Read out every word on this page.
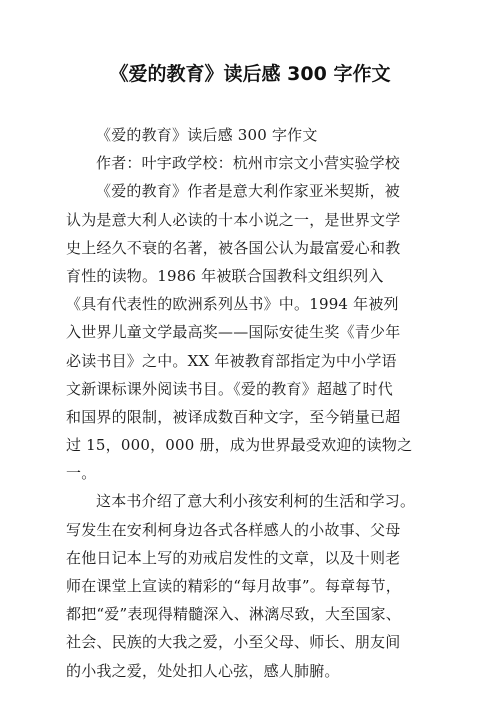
《爱的教育》读后感 300 字作文
《爱的教育》读后感 300 字作文
作者：叶宇政学校：杭州市宗文小营实验学校
《爱的教育》作者是意大利作家亚米契斯，被
认为是意大利人必读的十本小说之一，是世界文学
史上经久不衰的名著，被各国公认为最富爱心和教
育性的读物。1986 年被联合国教科文组织列入
《具有代表性的欧洲系列丛书》中。1994 年被列
入世界儿童文学最高奖——国际安徒生奖《青少年
必读书目》之中。XX 年被教育部指定为中小学语
文新课标课外阅读书目。《爱的教育》超越了时代
和国界的限制，被译成数百种文字，至今销量已超
过 15，000，000 册，成为世界最受欢迎的读物之
一。
这本书介绍了意大利小孩安利柯的生活和学习。
写发生在安利柯身边各式各样感人的小故事、父母
在他日记本上写的劝戒启发性的文章，以及十则老
师在课堂上宣读的精彩的“每月故事”。每章每节，
都把“爱”表现得精髓深入、淋漓尽致，大至国家、
社会、民族的大我之爱，小至父母、师长、朋友间
的小我之爱，处处扣人心弦，感人肺腑。
